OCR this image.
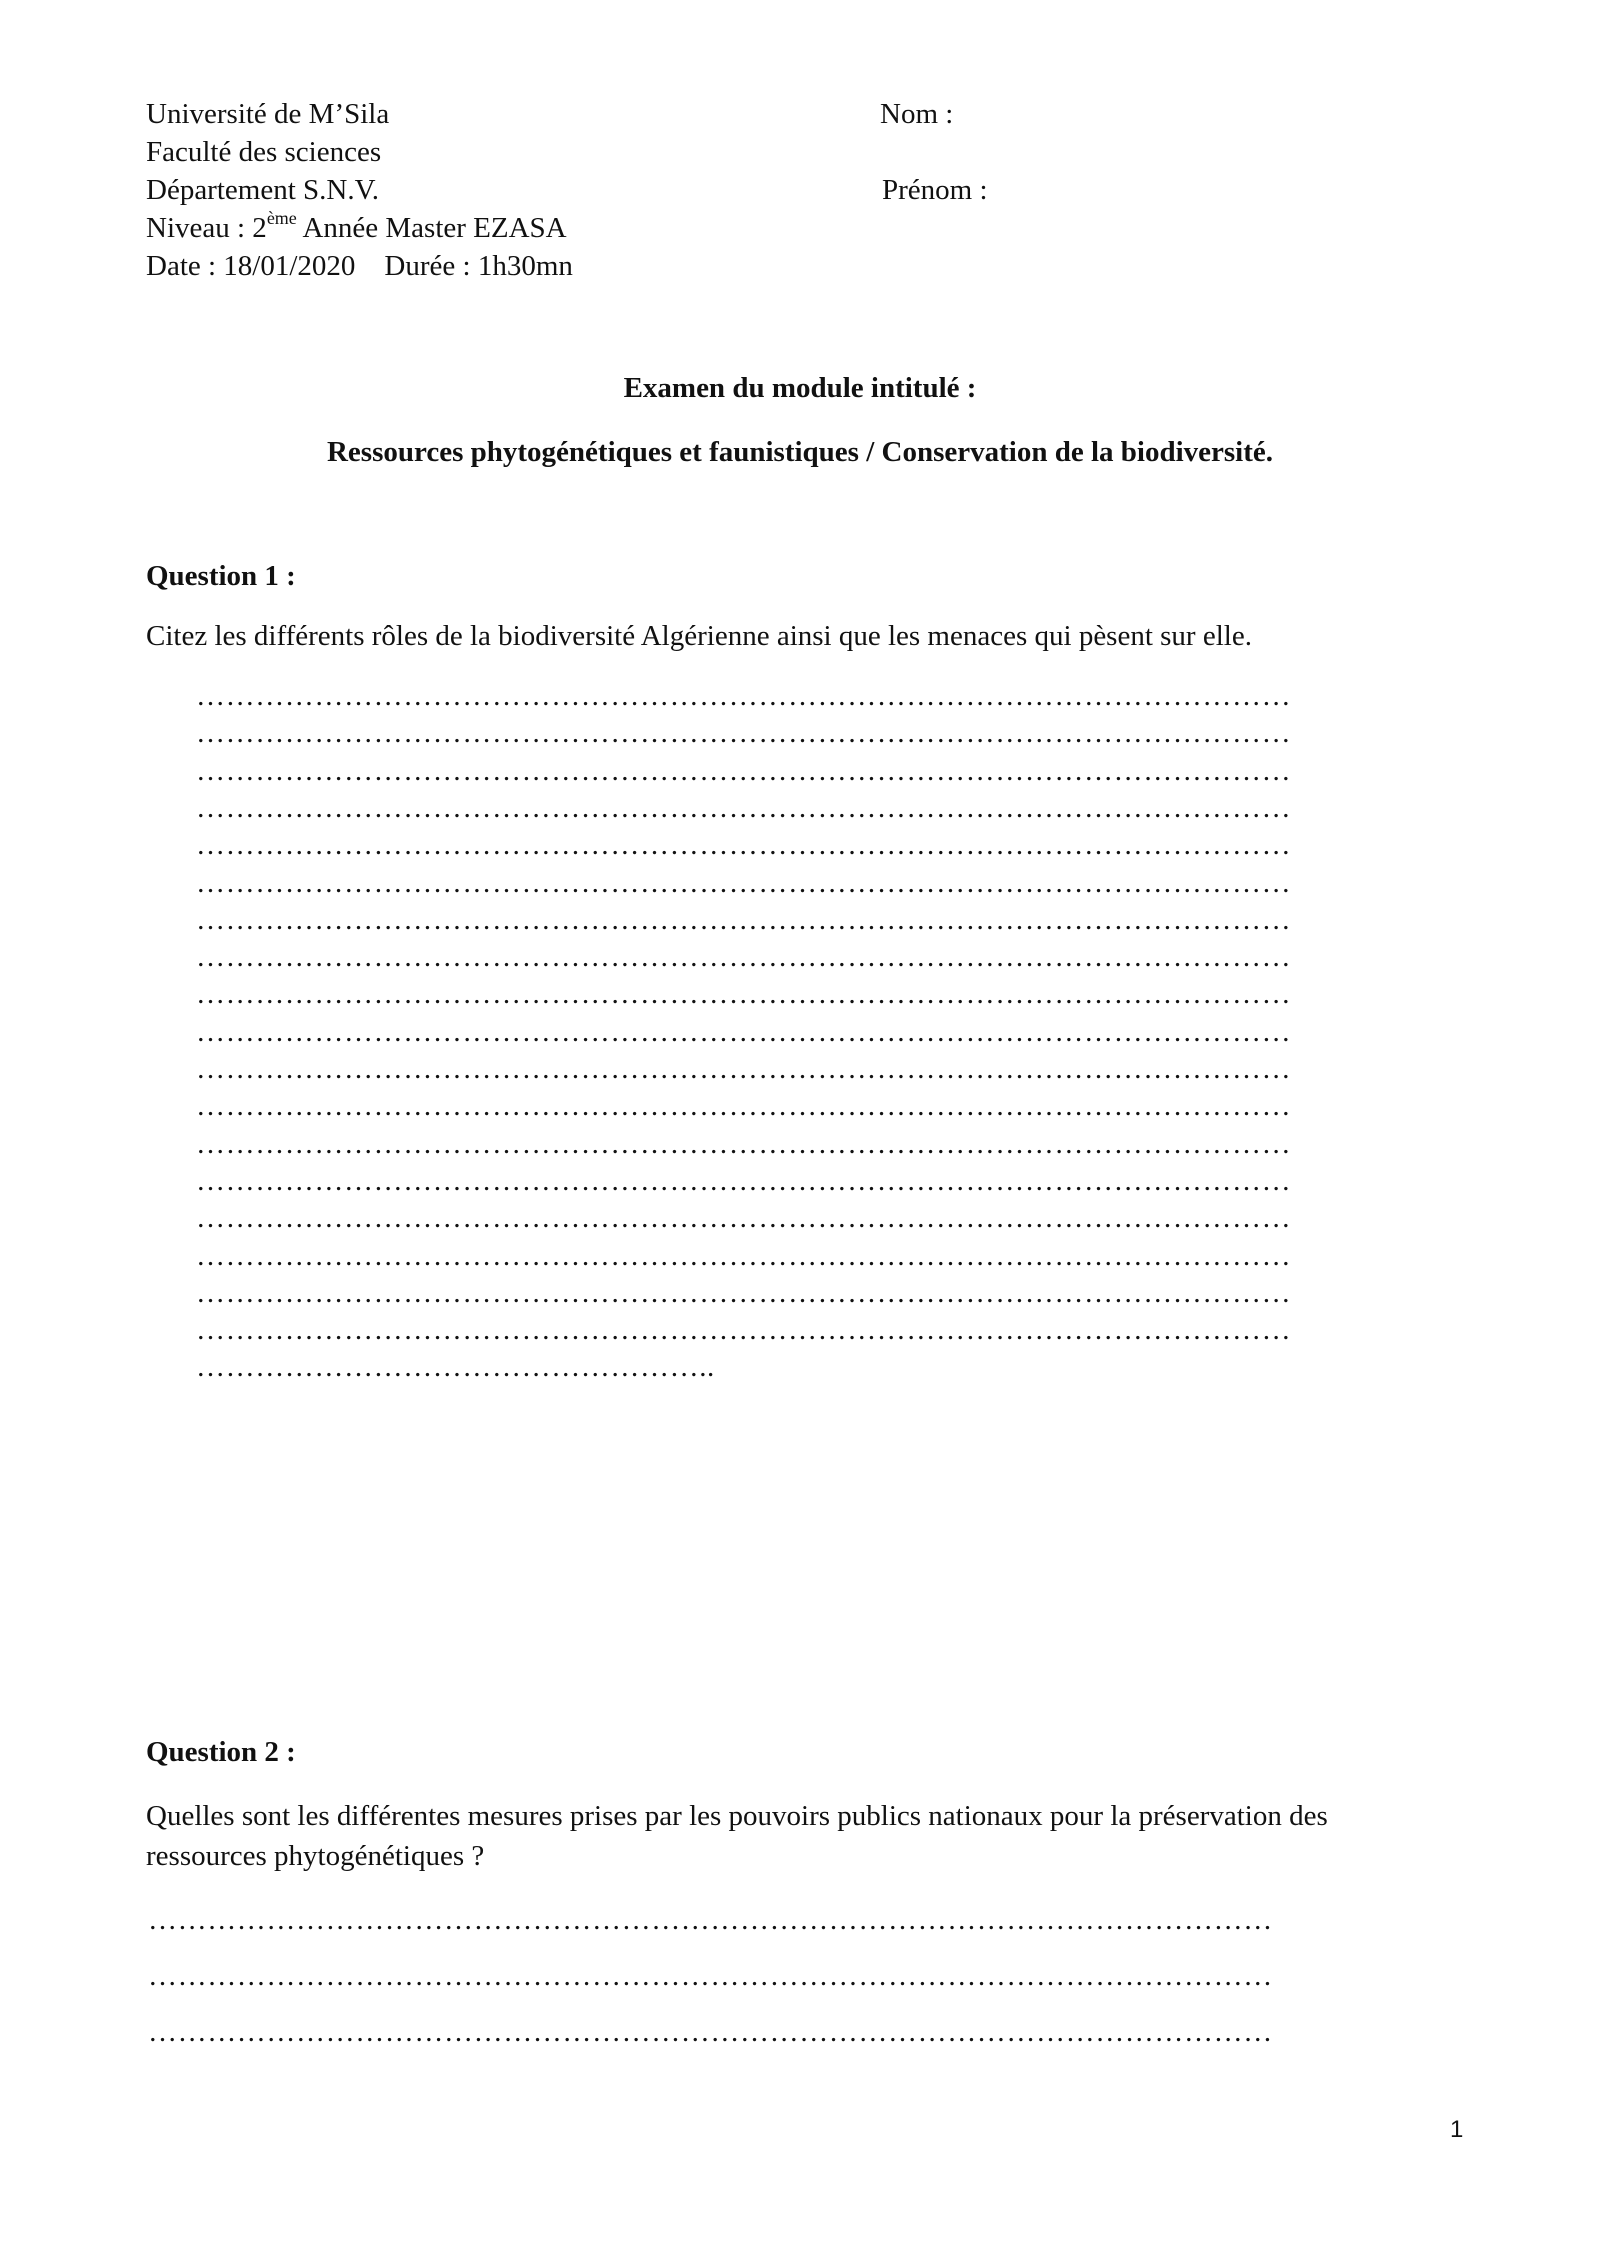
Université de M’Sila
Faculté des sciences
Département S.N.V.
Niveau : 2ème Année Master EZASA
Date : 18/01/2020    Durée : 1h30mn
Nom :
Prénom :
Examen du module intitulé :
Ressources phytogénétiques et faunistiques / Conservation de la biodiversité.
Question 1 :
Citez les différents rôles de la biodiversité Algérienne ainsi que les menaces qui pèsent sur elle.
…………………………………………………………………………………………………
…………………………………………………………………………………………………
…………………………………………………………………………………………………
…………………………………………………………………………………………………
…………………………………………………………………………………………………
…………………………………………………………………………………………………
…………………………………………………………………………………………………
…………………………………………………………………………………………………
…………………………………………………………………………………………………
…………………………………………………………………………………………………
…………………………………………………………………………………………………
…………………………………………………………………………………………………
…………………………………………………………………………………………………
…………………………………………………………………………………………………
…………………………………………………………………………………………………
…………………………………………………………………………………………………
…………………………………………………………………………………………………
…………………………………………………………………………………………………
……………………………………………..
Question 2 :
Quelles sont les différentes mesures prises par les pouvoirs publics nationaux pour la préservation des ressources phytogénétiques ?
……………………………………………………………………………………………………
……………………………………………………………………………………………………
……………………………………………………………………………………………………
1
